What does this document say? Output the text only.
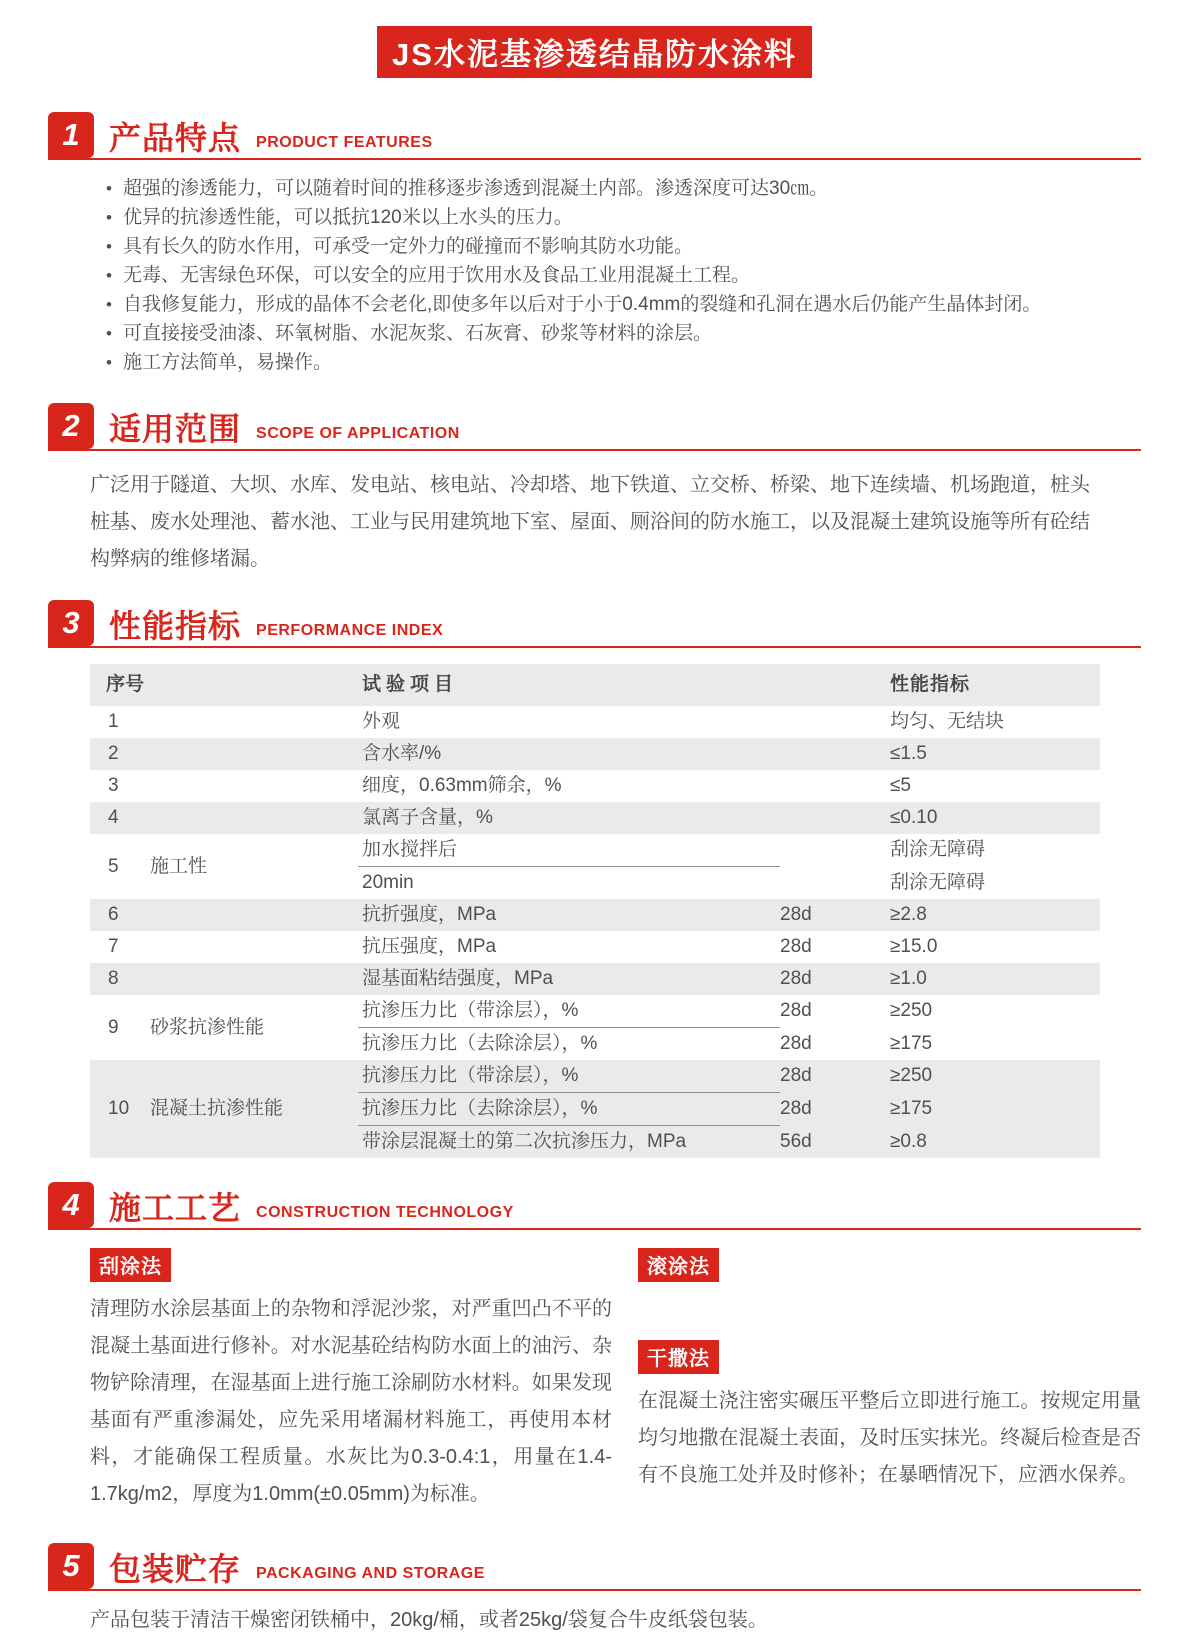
JS水泥基渗透结晶防水涂料
1 产品特点 PRODUCT FEATURES
• 超强的渗透能力，可以随着时间的推移逐步渗透到混凝土内部。渗透深度可达30㎝。
• 优异的抗渗透性能，可以抵抗120米以上水头的压力。
• 具有长久的防水作用，可承受一定外力的碰撞而不影响其防水功能。
• 无毒、无害绿色环保，可以安全的应用于饮用水及食品工业用混凝土工程。
• 自我修复能力，形成的晶体不会老化,即使多年以后对于小于0.4mm的裂缝和孔洞在遇水后仍能产生晶体封闭。
• 可直接接受油漆、环氧树脂、水泥灰浆、石灰膏、砂浆等材料的涂层。
• 施工方法简单，易操作。
2 适用范围 SCOPE OF APPLICATION

广泛用于隧道、大坝、水库、发电站、核电站、冷却塔、地下铁道、立交桥、桥梁、地下连续墙、机场跑道，桩头桩基、废水处理池、蓄水池、工业与民用建筑地下室、屋面、厕浴间的防水施工，以及混凝土建筑设施等所有砼结构弊病的维修堵漏。

3 性能指标 PERFORMANCE INDEX
序号		试验项目		性能指标
1		外观		均匀、无结块
2		含水率/%		≤1.5
3		细度，0.63mm筛余，%		≤5
4		氯离子含量，%		≤0.10
5	施工性	加水搅拌后		刮涂无障碍
		20min		刮涂无障碍
6		抗折强度，MPa	28d	≥2.8
7		抗压强度，MPa	28d	≥15.0
8		湿基面粘结强度，MPa	28d	≥1.0
9	砂浆抗渗性能	抗渗压力比（带涂层），%	28d	≥250
		抗渗压力比（去除涂层），%	28d	≥175
10	混凝土抗渗性能	抗渗压力比（带涂层），%	28d	≥250
		抗渗压力比（去除涂层），%	28d	≥175
		带涂层混凝土的第二次抗渗压力，MPa	56d	≥0.8
4 施工工艺 CONSTRUCTION TECHNOLOGY
刮涂法

清理防水涂层基面上的杂物和浮泥沙浆，对严重凹凸不平的混凝土基面进行修补。对水泥基砼结构防水面上的油污、杂物铲除清理，在湿基面上进行施工涂刷防水材料。如果发现基面有严重渗漏处，应先采用堵漏材料施工，再使用本材料，才能确保工程质量。水灰比为0.3-0.4:1，用量在1.4-1.7kg/m2，厚度为1.0mm(±0.05mm)为标准。

滚涂法
干撒法

在混凝土浇注密实碾压平整后立即进行施工。按规定用量均匀地撒在混凝土表面，及时压实抹光。终凝后检查是否有不良施工处并及时修补；在暴晒情况下，应洒水保养。

5 包装贮存 PACKAGING AND STORAGE

产品包装于清洁干燥密闭铁桶中，20kg/桶，或者25kg/袋复合牛皮纸袋包装。
